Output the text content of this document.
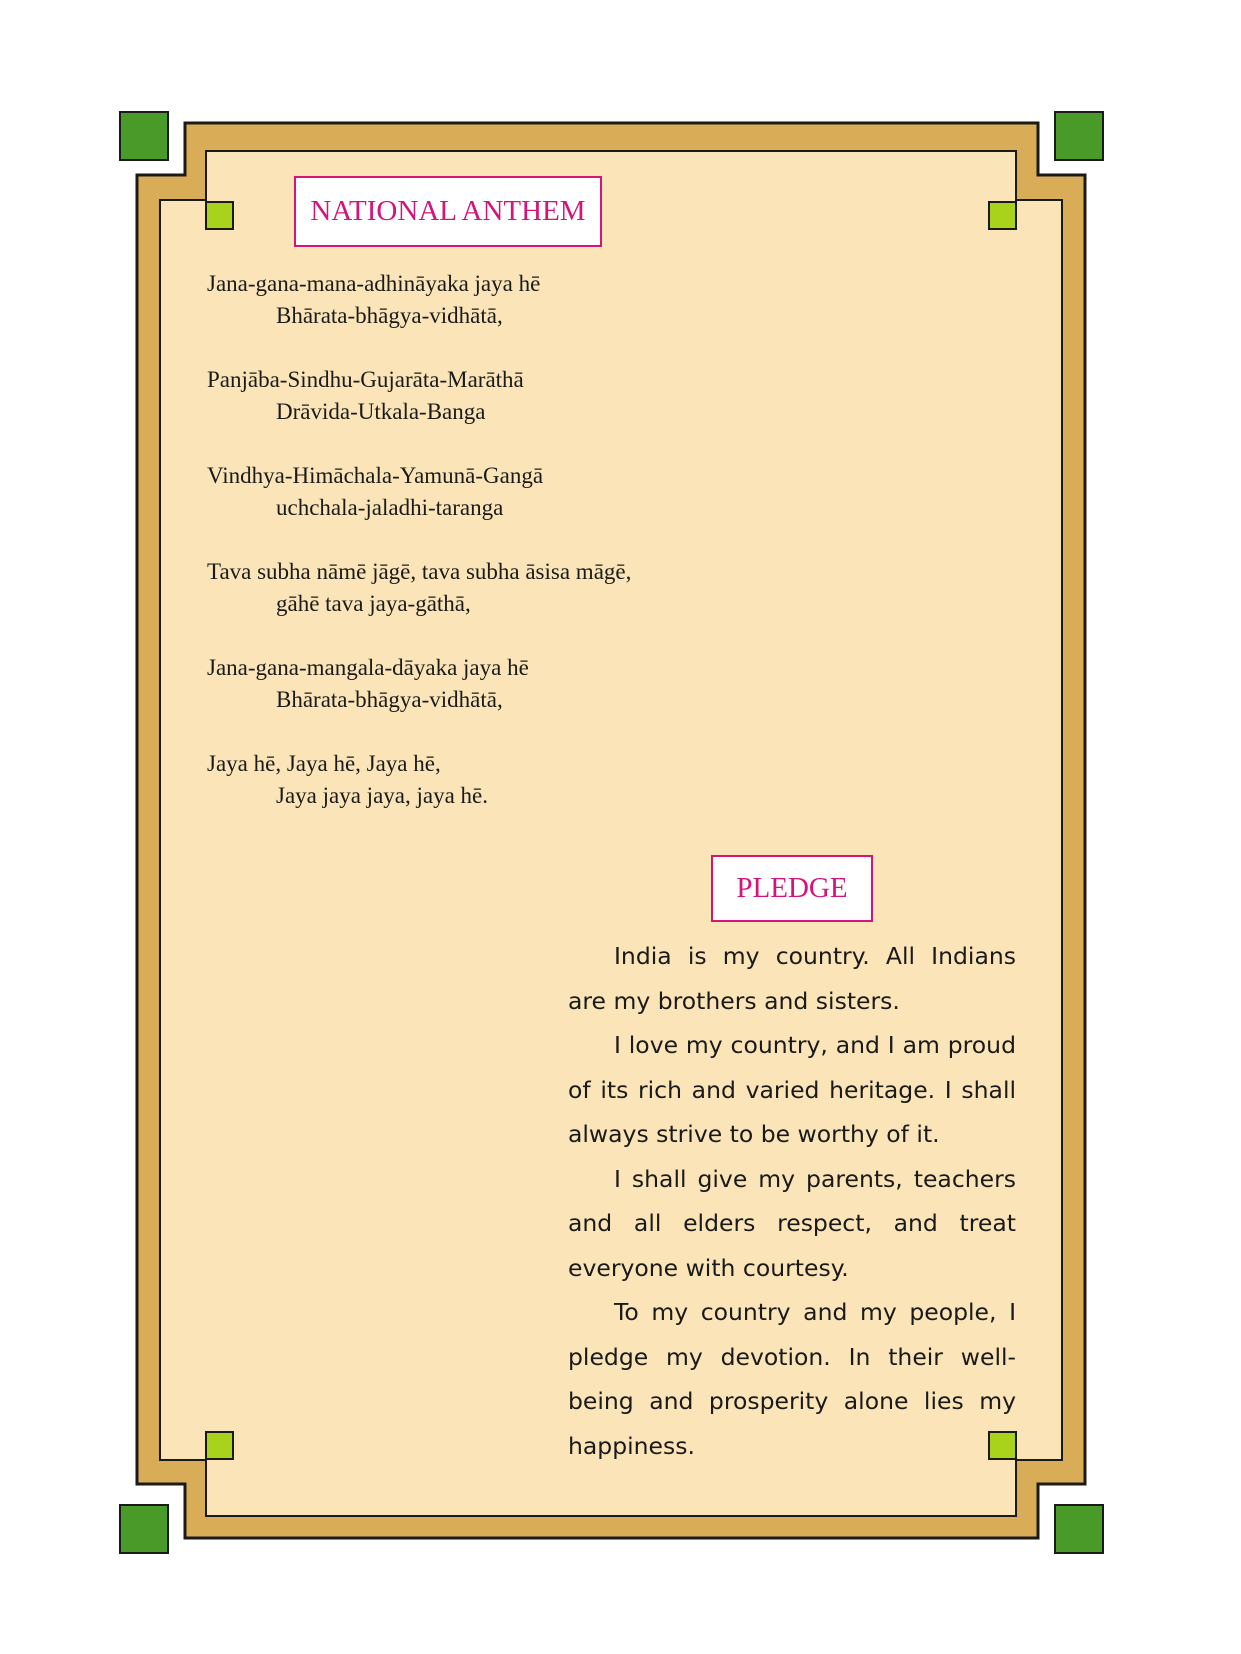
NATIONAL ANTHEM
Jana-gana-mana-adhināyaka jaya hē
Bhārata-bhāgya-vidhātā,
Panjāba-Sindhu-Gujarāta-Marāthā
Drāvida-Utkala-Banga
Vindhya-Himāchala-Yamunā-Gangā
uchchala-jaladhi-taranga
Tava subha nāmē jāgē, tava subha āsisa māgē,
gāhē tava jaya-gāthā,
Jana-gana-mangala-dāyaka jaya hē
Bhārata-bhāgya-vidhātā,
Jaya hē, Jaya hē, Jaya hē,
Jaya jaya jaya, jaya hē.
PLEDGE

India is my country. All Indians are my brothers and sisters.

I love my country, and I am proud of its rich and varied heritage. I shall always strive to be worthy of it.

I shall give my parents, teachers and all elders respect, and treat everyone with courtesy.

To my country and my people, I pledge my devotion. In their well-being and prosperity alone lies my happiness.
